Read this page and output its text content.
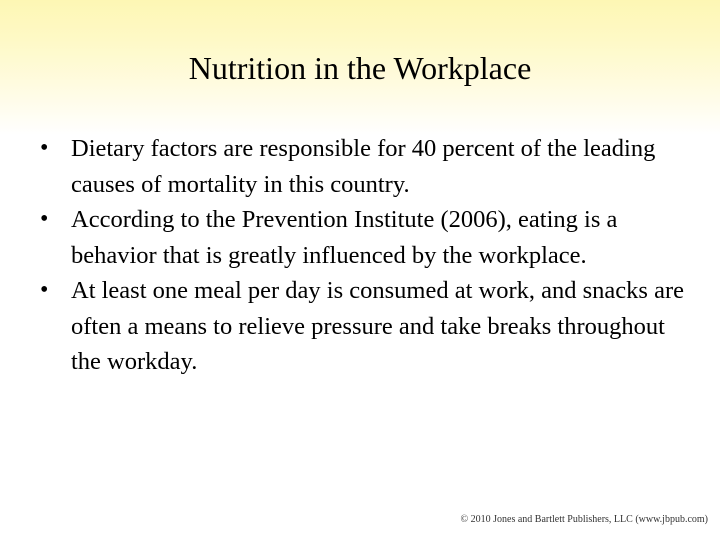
Nutrition in the Workplace
• Dietary factors are responsible for 40 percent of the leading causes of mortality in this country.
• According to the Prevention Institute (2006), eating is a behavior that is greatly influenced by the workplace.
• At least one meal per day is consumed at work, and snacks are often a means to relieve pressure and take breaks throughout the workday.
© 2010 Jones and Bartlett Publishers, LLC (www.jbpub.com)
